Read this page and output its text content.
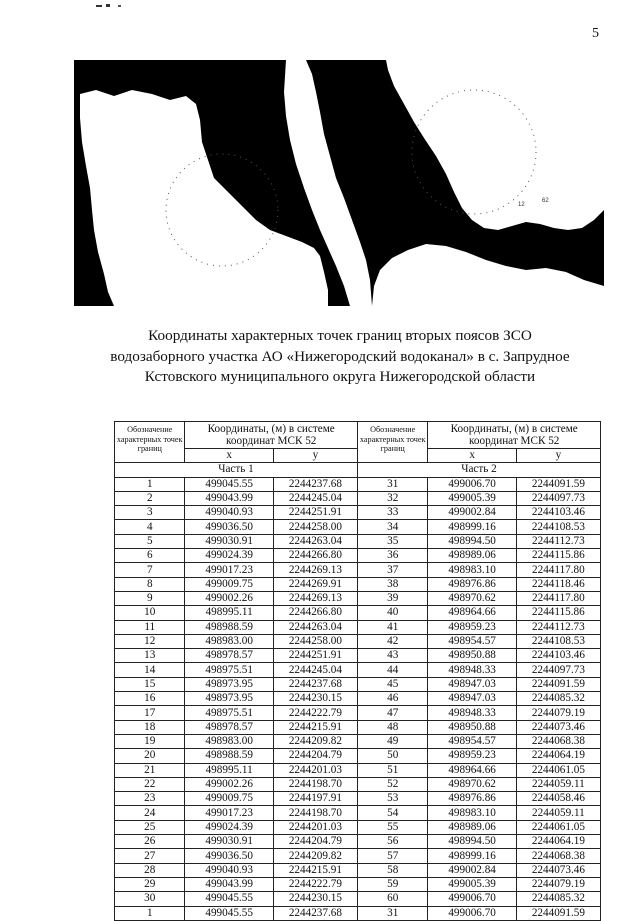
5
12
62
Координаты характерных точек границ вторых поясов ЗСО
водозаборного участка АО «Нижегородский водоканал» в с. Запрудное
Кстовского муниципального округа Нижегородской области
Обозначение характерных точек границ	Координаты, (м) в системе координат МСК 52		Обозначение характерных точек границ	Координаты, (м) в системе координат МСК 52	
	x	y		x	y
Часть 1			Часть 2		
1	499045.55	2244237.68	31	499006.70	2244091.59
2	499043.99	2244245.04	32	499005.39	2244097.73
3	499040.93	2244251.91	33	499002.84	2244103.46
4	499036.50	2244258.00	34	498999.16	2244108.53
5	499030.91	2244263.04	35	498994.50	2244112.73
6	499024.39	2244266.80	36	498989.06	2244115.86
7	499017.23	2244269.13	37	498983.10	2244117.80
8	499009.75	2244269.91	38	498976.86	2244118.46
9	499002.26	2244269.13	39	498970.62	2244117.80
10	498995.11	2244266.80	40	498964.66	2244115.86
11	498988.59	2244263.04	41	498959.23	2244112.73
12	498983.00	2244258.00	42	498954.57	2244108.53
13	498978.57	2244251.91	43	498950.88	2244103.46
14	498975.51	2244245.04	44	498948.33	2244097.73
15	498973.95	2244237.68	45	498947.03	2244091.59
16	498973.95	2244230.15	46	498947.03	2244085.32
17	498975.51	2244222.79	47	498948.33	2244079.19
18	498978.57	2244215.91	48	498950.88	2244073.46
19	498983.00	2244209.82	49	498954.57	2244068.38
20	498988.59	2244204.79	50	498959.23	2244064.19
21	498995.11	2244201.03	51	498964.66	2244061.05
22	499002.26	2244198.70	52	498970.62	2244059.11
23	499009.75	2244197.91	53	498976.86	2244058.46
24	499017.23	2244198.70	54	498983.10	2244059.11
25	499024.39	2244201.03	55	498989.06	2244061.05
26	499030.91	2244204.79	56	498994.50	2244064.19
27	499036.50	2244209.82	57	498999.16	2244068.38
28	499040.93	2244215.91	58	499002.84	2244073.46
29	499043.99	2244222.79	59	499005.39	2244079.19
30	499045.55	2244230.15	60	499006.70	2244085.32
1	499045.55	2244237.68	31	499006.70	2244091.59
